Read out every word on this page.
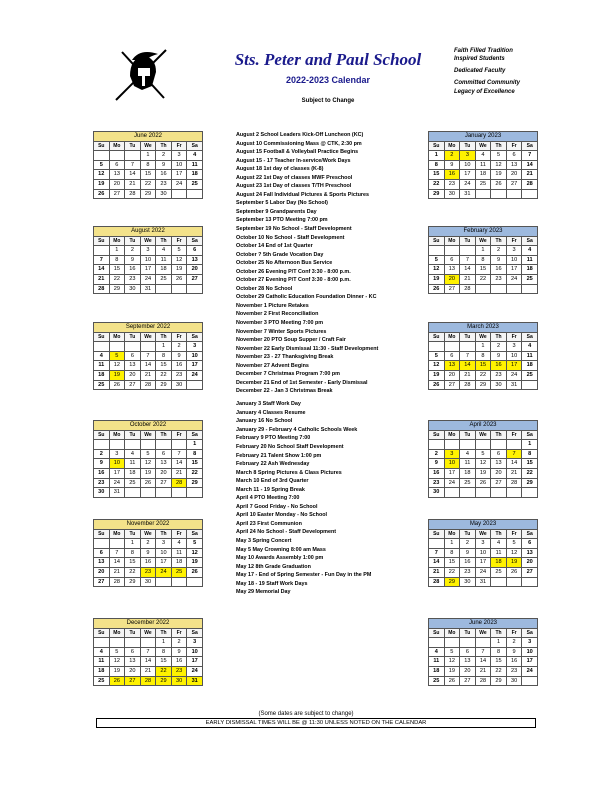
Sts. Peter and Paul School
2022-2023 Calendar
Subject to Change
Faith Filled Tradition
Inspired Students
Dedicated Faculty
Committed Community
Legacy of Excellence
June 2022						
Su	Mo	Tu	We	Th	Fr	Sa
			1	2	3	4
5	6	7	8	9	10	11
12	13	14	15	16	17	18
19	20	21	22	23	24	25
26	27	28	29	30		
August 2022						
Su	Mo	Tu	We	Th	Fr	Sa
	1	2	3	4	5	6
7	8	9	10	11	12	13
14	15	16	17	18	19	20
21	22	23	24	25	26	27
28	29	30	31			
September 2022						
Su	Mo	Tu	We	Th	Fr	Sa
				1	2	3
4	5	6	7	8	9	10
11	12	13	14	15	16	17
18	19	20	21	22	23	24
25	26	27	28	29	30	
October 2022						
Su	Mo	Tu	We	Th	Fr	Sa
						1
2	3	4	5	6	7	8
9	10	11	12	13	14	15
16	17	18	19	20	21	22
23	24	25	26	27	28	29
30	31					
November 2022						
Su	Mo	Tu	We	Th	Fr	Sa
		1	2	3	4	5
6	7	8	9	10	11	12
13	14	15	16	17	18	19
20	21	22	23	24	25	26
27	28	29	30			
December 2022						
Su	Mo	Tu	We	Th	Fr	Sa
				1	2	3
4	5	6	7	8	9	10
11	12	13	14	15	16	17
18	19	20	21	22	23	24
25	26	27	28	29	30	31
January 2023						
Su	Mo	Tu	We	Th	Fr	Sa
1	2	3	4	5	6	7
8	9	10	11	12	13	14
15	16	17	18	19	20	21
22	23	24	25	26	27	28
29	30	31				
February 2023						
Su	Mo	Tu	We	Th	Fr	Sa
			1	2	3	4
5	6	7	8	9	10	11
12	13	14	15	16	17	18
19	20	21	22	23	24	25
26	27	28				
March 2023						
Su	Mo	Tu	We	Th	Fr	Sa
			1	2	3	4
5	6	7	8	9	10	11
12	13	14	15	16	17	18
19	20	21	22	23	24	25
26	27	28	29	30	31	
April 2023						
Su	Mo	Tu	We	Th	Fr	Sa
						1
2	3	4	5	6	7	8
9	10	11	12	13	14	15
16	17	18	19	20	21	22
23	24	25	26	27	28	29
30						
May 2023						
Su	Mo	Tu	We	Th	Fr	Sa
	1	2	3	4	5	6
7	8	9	10	11	12	13
14	15	16	17	18	19	20
21	22	23	24	25	26	27
28	29	30	31			
June 2023						
Su	Mo	Tu	We	Th	Fr	Sa
				1	2	3
4	5	6	7	8	9	10
11	12	13	14	15	16	17
18	19	20	21	22	23	24
25	26	27	28	29	30	
August 2 School Leaders Kick-Off Luncheon (KC)
August 10 Commissioning Mass @ CTK, 2:30 pm
August 15 Football & Volleyball Practice Begins
August 15 - 17 Teacher In-service/Work Days
August 18 1st day of classes (K-8)
August 22 1st Day of classes MWF Preschool
August 23 1st Day of classes T/TH Preschool
August 24 Fall Individual Pictures & Sports Pictures
September 5 Labor Day (No School)
September 9 Grandparents Day
September 13 PTO Meeting 7:00 pm
September 19 No School - Staff Development
October 10 No School - Staff Development
October 14 End of 1st Quarter
October ? 5th Grade Vocation Day
October 25 No Afternoon Bus Service
October 26 Evening P/T Conf 3:30 - 8:00 p.m.
October 27 Evening P/T Conf 3:30 - 8:00 p.m.
October 28 No School
October 29 Catholic Education Foundation Dinner - KC
November 1 Picture Retakes
November 2 First Reconciliation
November 3 PTO Meeting 7:00 pm
November 7 Winter Sports Pictures
November 20 PTO Soup Supper / Craft Fair
November 22 Early Dismissal 11:30 - Staff Development
November 23 - 27 Thanksgiving Break
November 27 Advent Begins
December 7 Christmas Program 7:00 pm
December 21 End of 1st Semester - Early Dismissal
December 22 - Jan 3 Christmas Break
January 3 Staff Work Day
January 4 Classes Resume
January 16 No School
January 29 - February 4 Catholic Schools Week
February 9 PTO Meeting 7:00
February 20 No School Staff Development
February 21 Talent Show 1:00 pm
February 22 Ash Wednesday
March 8 Spring Pictures & Class Pictures
March 10 End of 3rd Quarter
March 11 - 19 Spring Break
April 4 PTO Meeting 7:00
April 7 Good Friday - No School
April 10 Easter Monday - No School
April 23 First Communion
April 24 No School - Staff Development
May 3 Spring Concert
May 5 May Crowning 8:00 am Mass
May 10 Awards Assembly 1:00 pm
May 12 8th Grade Graduation
May 17 - End of Spring Semester - Fun Day in the PM
May 18 - 19 Staff Work Days
May 29 Memorial Day
(Some dates are subject to change)
EARLY DISMISSAL TIMES WILL BE @ 11:30 UNLESS NOTED ON THE CALENDAR
